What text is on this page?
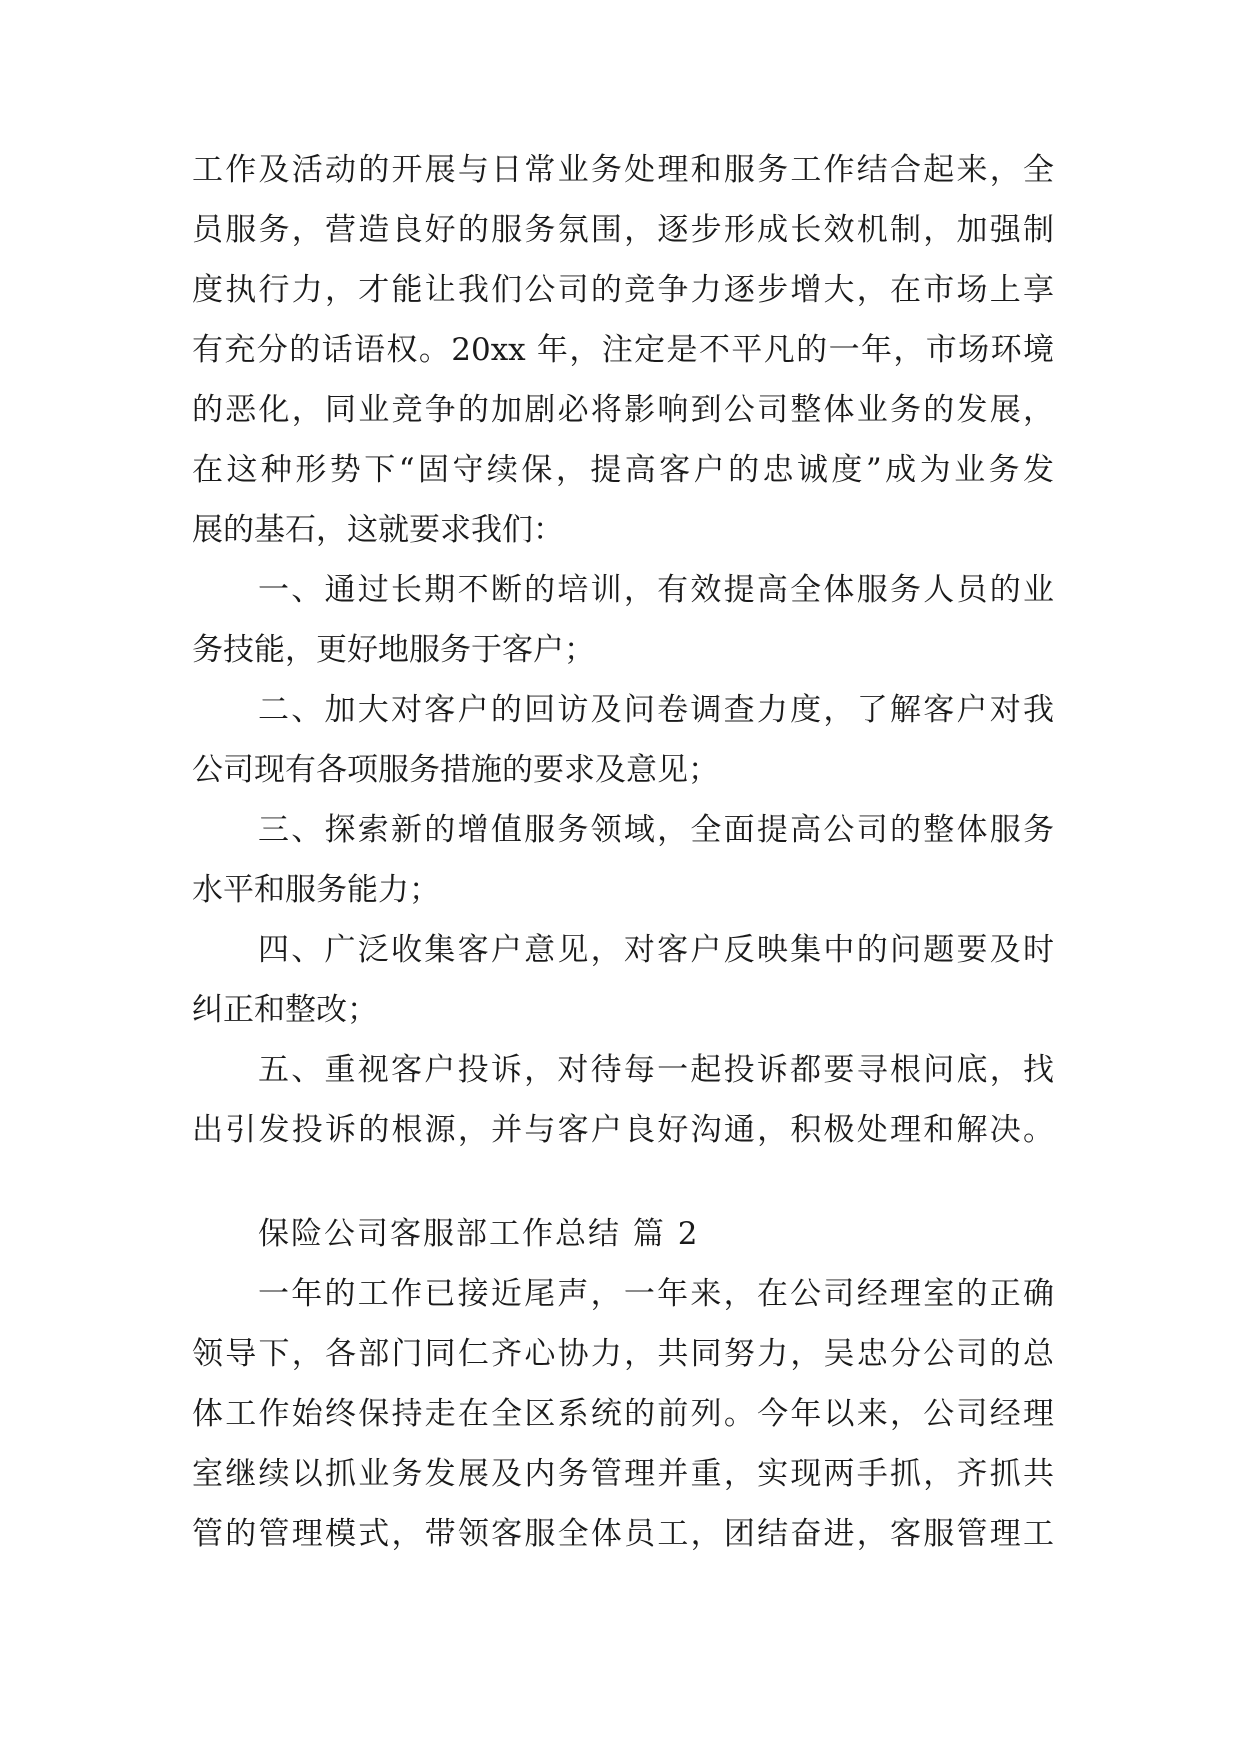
工作及活动的开展与日常业务处理和服务工作结合起来，全
员服务，营造良好的服务氛围，逐步形成长效机制，加强制
度执行力，才能让我们公司的竞争力逐步增大，在市场上享
有充分的话语权。20xx 年，注定是不平凡的一年，市场环境
的恶化，同业竞争的加剧必将影响到公司整体业务的发展，
在这种形势下“固守续保，提高客户的忠诚度”成为业务发
展的基石，这就要求我们：
一、通过长期不断的培训，有效提高全体服务人员的业
务技能，更好地服务于客户；
二、加大对客户的回访及问卷调查力度，了解客户对我
公司现有各项服务措施的要求及意见；
三、探索新的增值服务领域，全面提高公司的整体服务
水平和服务能力；
四、广泛收集客户意见，对客户反映集中的问题要及时
纠正和整改；
五、重视客户投诉，对待每一起投诉都要寻根问底，找
出引发投诉的根源，并与客户良好沟通，积极处理和解决。
保险公司客服部工作总结 篇 2
一年的工作已接近尾声，一年来，在公司经理室的正确
领导下，各部门同仁齐心协力，共同努力，吴忠分公司的总
体工作始终保持走在全区系统的前列。今年以来，公司经理
室继续以抓业务发展及内务管理并重，实现两手抓，齐抓共
管的管理模式，带领客服全体员工，团结奋进，客服管理工
